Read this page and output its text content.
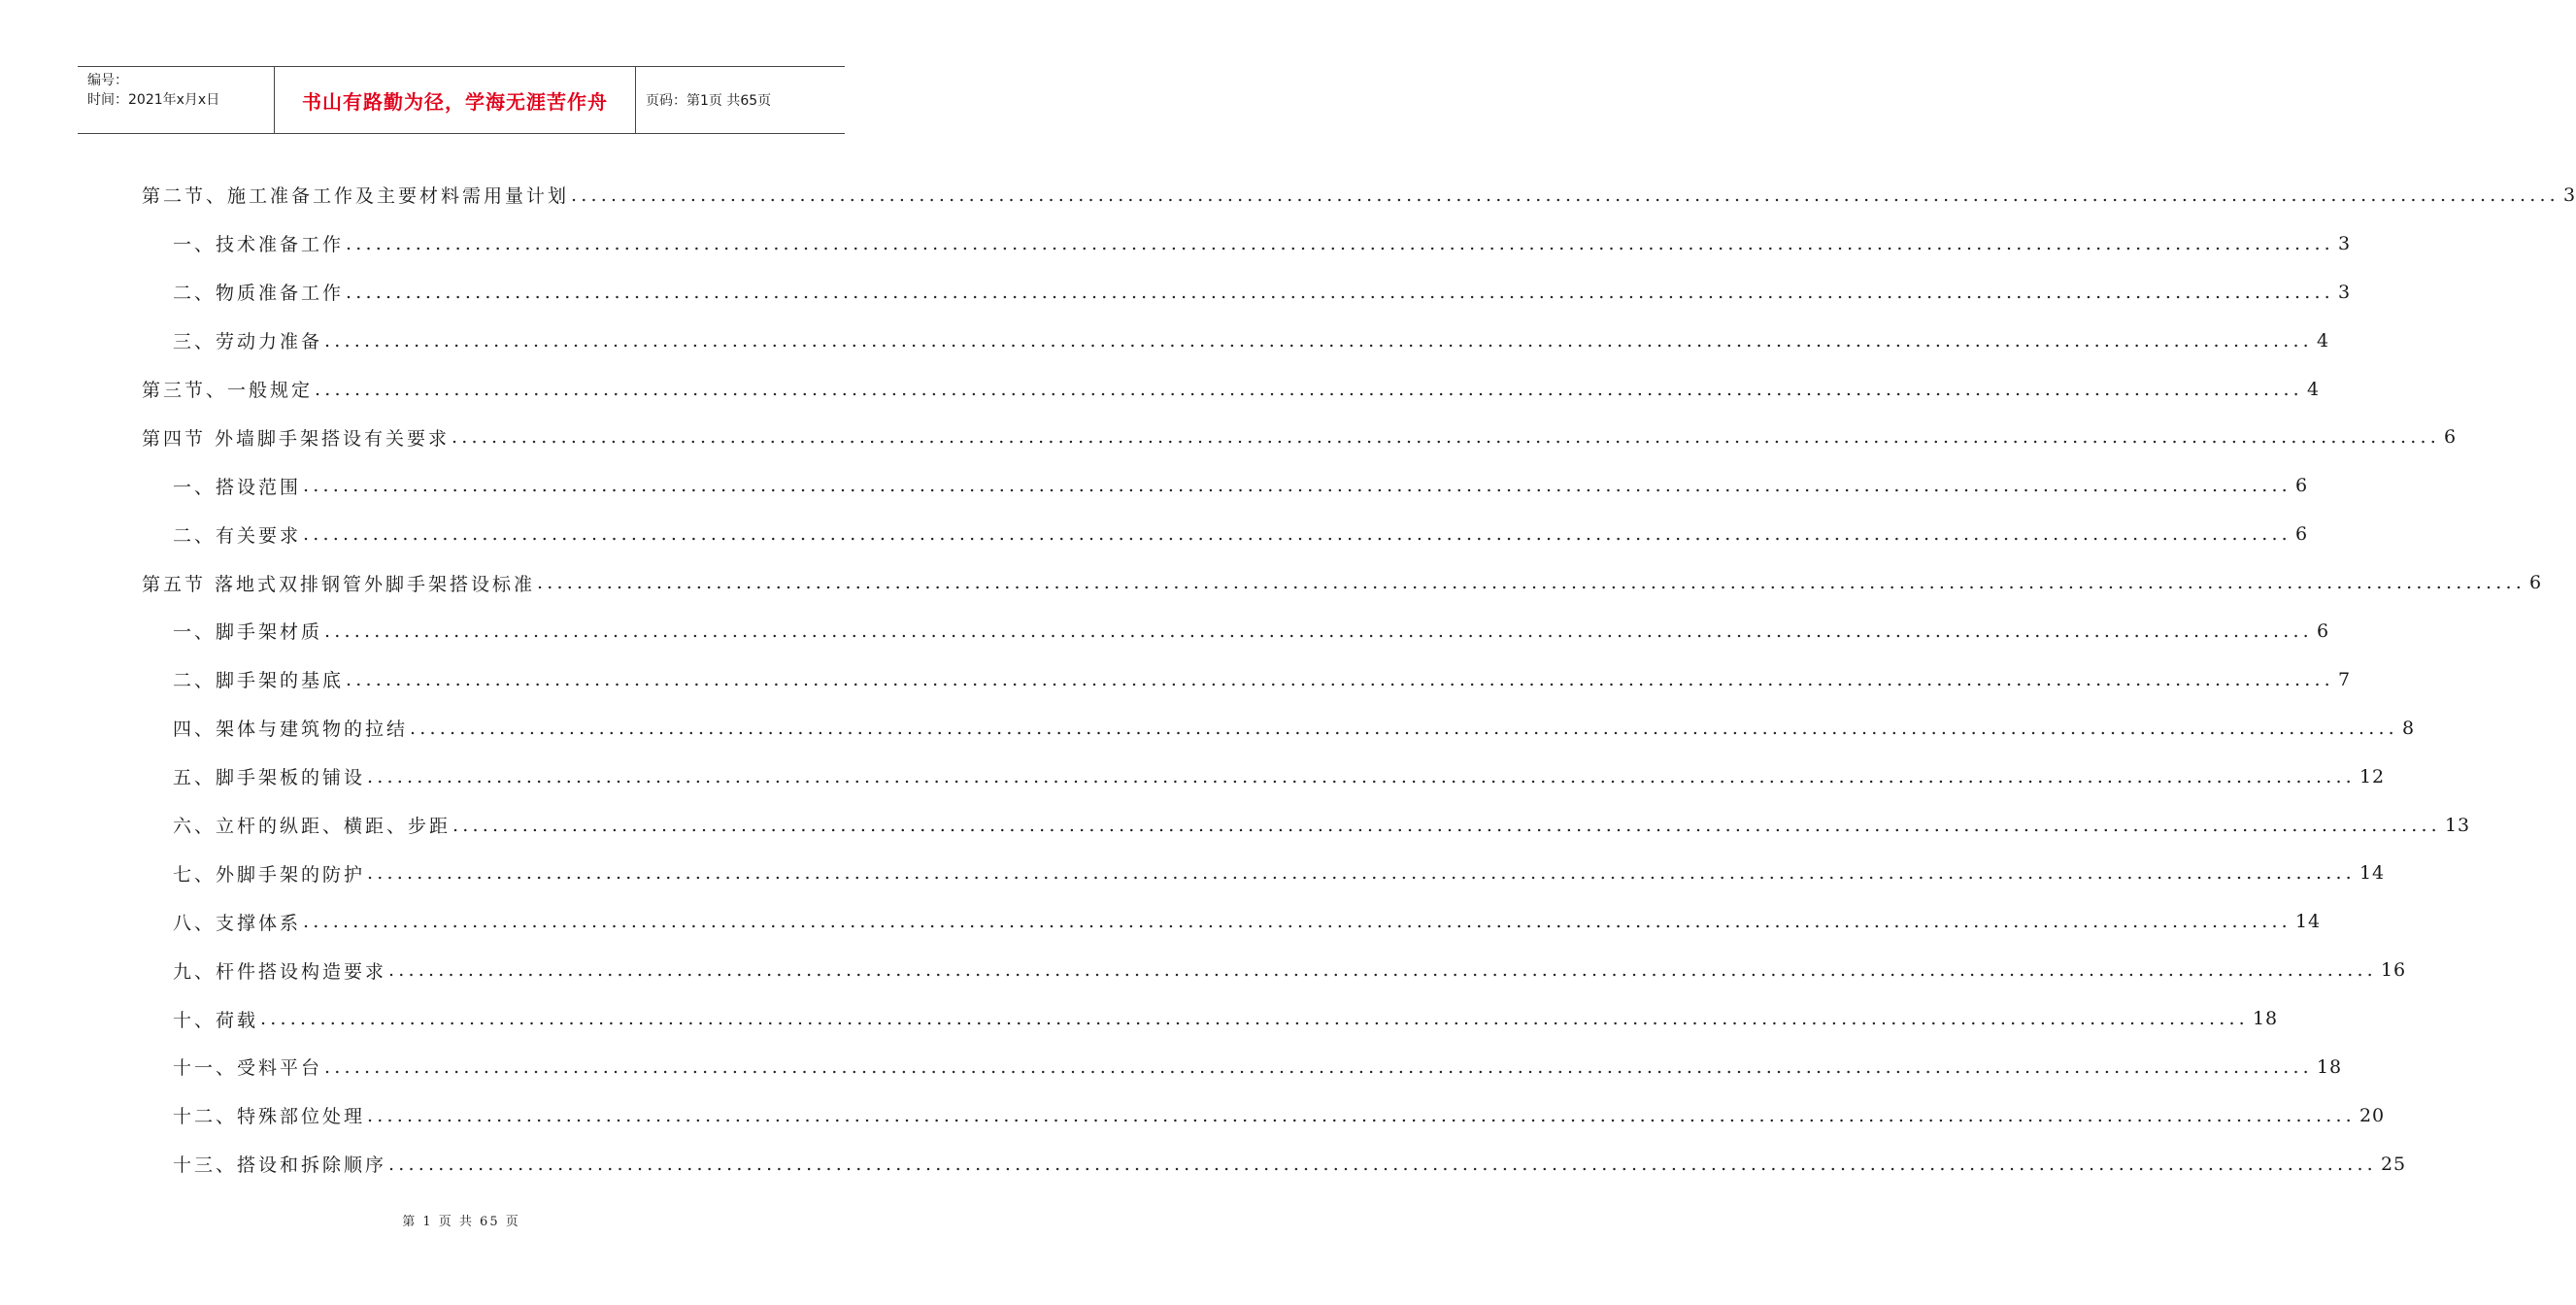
编号：
时间：2021年x月x日	书山有路勤为径，学海无涯苦作舟	页码：第1页 共65页
第二节、施工准备工作及主要材料需用量计划 ........................................................................................................................................................................................................ 3
一、技术准备工作 ........................................................................................................................................................................................................ 3
二、物质准备工作 ........................................................................................................................................................................................................ 3
三、劳动力准备 ........................................................................................................................................................................................................ 4
第三节、一般规定 ........................................................................................................................................................................................................ 4
第四节 外墙脚手架搭设有关要求 ........................................................................................................................................................................................................ 6
一、搭设范围 ........................................................................................................................................................................................................ 6
二、有关要求 ........................................................................................................................................................................................................ 6
第五节 落地式双排钢管外脚手架搭设标准 ........................................................................................................................................................................................................ 6
一、脚手架材质 ........................................................................................................................................................................................................ 6
二、脚手架的基底 ........................................................................................................................................................................................................ 7
四、架体与建筑物的拉结 ........................................................................................................................................................................................................ 8
五、脚手架板的铺设 ........................................................................................................................................................................................................ 12
六、立杆的纵距、横距、步距 ........................................................................................................................................................................................................ 13
七、外脚手架的防护 ........................................................................................................................................................................................................ 14
八、支撑体系 ........................................................................................................................................................................................................ 14
九、杆件搭设构造要求 ........................................................................................................................................................................................................ 16
十、荷载 ........................................................................................................................................................................................................ 18
十一、受料平台 ........................................................................................................................................................................................................ 18
十二、特殊部位处理 ........................................................................................................................................................................................................ 20
十三、搭设和拆除顺序 ........................................................................................................................................................................................................ 25
第 1 页 共 65 页
